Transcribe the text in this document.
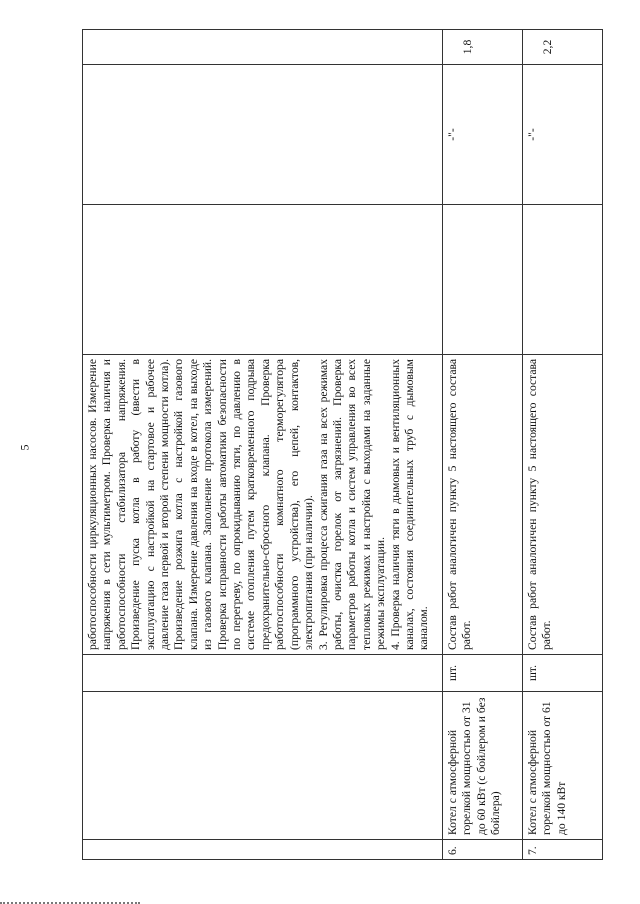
5

			работоспособности циркуляционных насосов. Измерение напряжения в сети мультиметром. Проверка наличия и работоспособности стабилизатора напряжения. Произведение пуска котла в работу (ввести в эксплуатацию с настройкой на стартовое и рабочее давление газа первой и второй степени мощности котла). Произведение розжига котла с настройкой газового клапана. Измерение давления на входе в котел, на выходе из газового клапана. Заполнение протокола измерений. Проверка исправности работы автоматики безопасности по перегреву, по опрокидыванию тяги, по давлению в системе отопления путем кратковременного подрыва предохранительно-сбросного клапана. Проверка работоспособности комнатного терморегулятора (программного устройства), его цепей, контактов, электропитания (при наличии). 3. Регулировка процесса сжигания газа на всех режимах работы, очистка горелок от загрязнений. Проверка параметров работы котла и систем управления во всех тепловых режимах и настройка с выходами на заданные режимы эксплуатации. 4. Проверка наличия тяги в дымовых и вентиляционных каналах, состояния соединительных труб с дымовым каналом.			

6.	Котел с атмосферной горелкой мощностью от 31 до 60 кВт (с бойлером и без бойлера)	шт.	Состав работ аналогичен пункту 5 настоящего состава работ.		-"-	1,8
7.	Котел с атмосферной горелкой мощностью от 61 до 140 кВт	шт.	Состав работ аналогичен пункту 5 настоящего состава работ.		-"-	2,2
